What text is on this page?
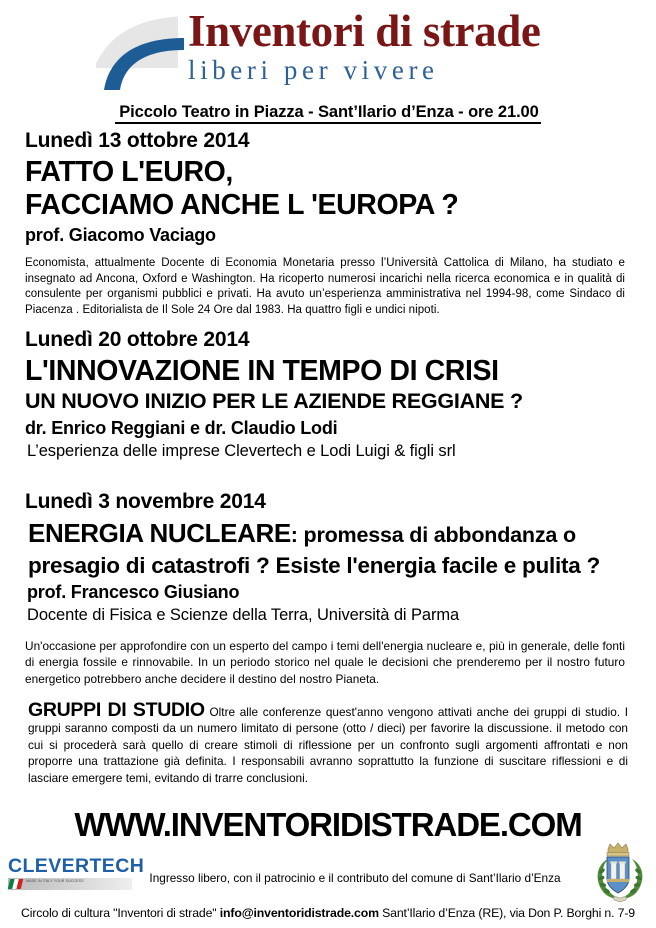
Inventori di strade
liberi per vivere
Piccolo Teatro in Piazza - Sant’Ilario d’Enza - ore 21.00
Lunedì 13 ottobre 2014
FATTO L'EURO,
FACCIAMO ANCHE L 'EUROPA ?
prof. Giacomo Vaciago
Economista, attualmente Docente di Economia Monetaria presso l’Università Cattolica di Milano, ha studiato e insegnato ad Ancona, Oxford e Washington. Ha ricoperto numerosi incarichi nella ricerca economica e in qualità di consulente per organismi pubblici e privati. Ha avuto un’esperienza amministrativa nel 1994-98, come Sindaco di Piacenza . Editorialista de Il Sole 24 Ore dal 1983. Ha quattro figli e undici nipoti.
Lunedì 20 ottobre 2014
L'INNOVAZIONE IN TEMPO DI CRISI
UN NUOVO INIZIO PER LE AZIENDE REGGIANE ?
dr. Enrico Reggiani e dr. Claudio Lodi
L’esperienza delle imprese Clevertech e Lodi Luigi & figli srl
Lunedì 3 novembre 2014
ENERGIA NUCLEARE: promessa di abbondanza o
presagio di catastrofi ? Esiste l'energia facile e pulita ?
prof. Francesco Giusiano
Docente di Fisica e Scienze della Terra, Università di Parma
Un'occasione per approfondire con un esperto del campo i temi dell'energia nucleare e, più in generale, delle fonti di energia fossile e rinnovabile. In un periodo storico nel quale le decisioni che prenderemo per il nostro futuro energetico potrebbero anche decidere il destino del nostro Pianeta.
GRUPPI DI STUDIO Oltre alle conferenze quest'anno vengono attivati anche dei gruppi di studio. I gruppi saranno composti da un numero limitato di persone (otto / dieci) per favorire la discussione. il metodo con cui si procederà sarà quello di creare stimoli di riflessione per un confronto sugli argomenti affrontati e non proporre una trattazione già definita. I responsabili avranno soprattutto la funzione di suscitare riflessioni e di lasciare emergere temi, evitando di trarre conclusioni.
WWW.INVENTORIDISTRADE.COM
CLEVERTECH
MADE IN ITALY YOUR SUCCESS	Ingresso libero, con il patrocinio e il contributo del comune di Sant’Ilario d’Enza
Circolo di cultura "Inventori di strade" info@inventoridistrade.com Sant’Ilario d’Enza (RE), via Don P. Borghi n. 7-9
